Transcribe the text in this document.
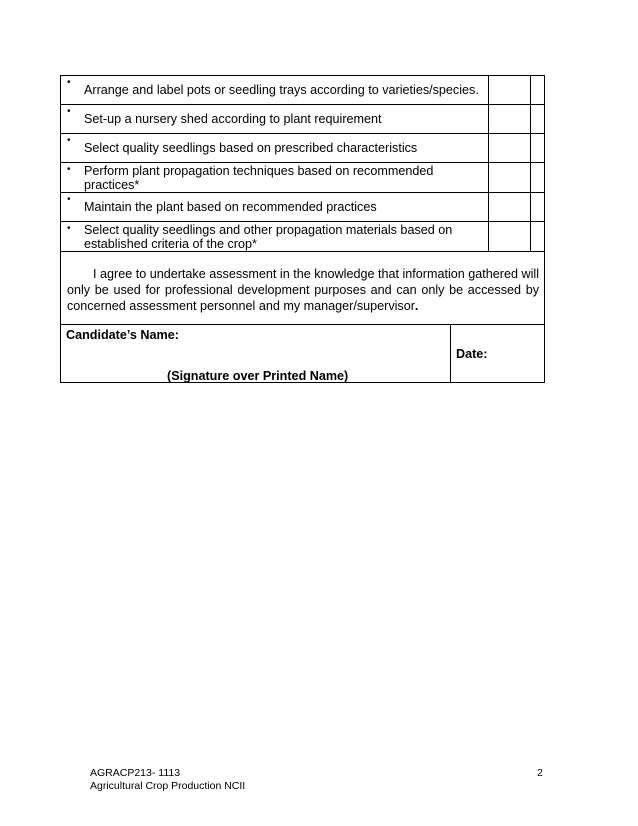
•
Arrange and label pots or seedling trays according to varieties/species.
•
Set-up a nursery shed according to plant requirement
•
Select quality seedlings based on prescribed characteristics
•	Perform plant propagation techniques based on recommended practices*
•
Maintain the plant based on recommended practices
•	Select quality seedlings and other propagation materials based on established criteria of the crop*
I agree to undertake assessment in the knowledge that information gathered will only be used for professional development purposes and can only be accessed by concerned assessment personnel and my manager/supervisor.
Candidate’s Name:
(Signature over Printed Name)
Date:
AGRACP213- 1113
Agricultural Crop Production NCII
2
